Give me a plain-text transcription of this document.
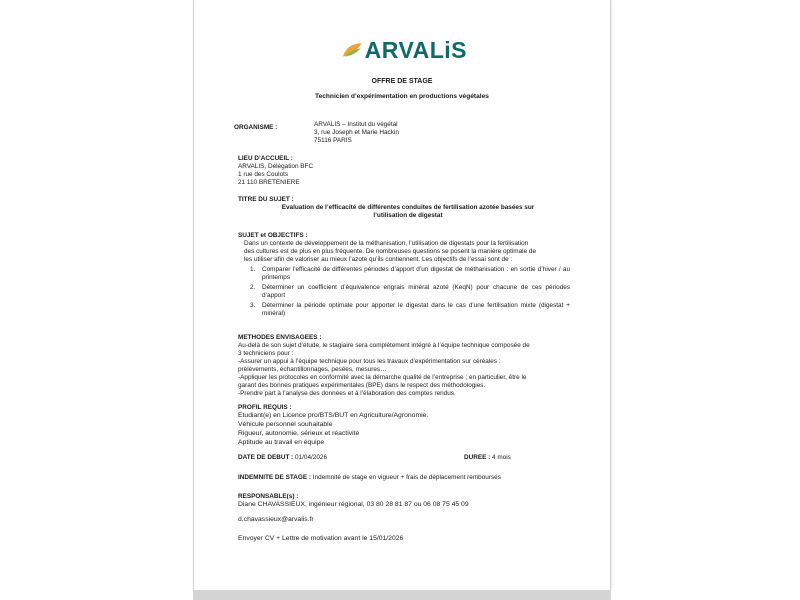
ARVALiS
OFFRE DE STAGE
Technicien d’expérimentation en productions végétales
ORGANISME :	ARVALIS – Institut du végétal
3, rue Joseph et Marie Hackin
75116 PARIS
LIEU D’ACCUEIL :
ARVALIS, Délégation BFC
1 rue des Coulots
21 110 BRETENIERE
TITRE DU SUJET :
Evaluation de l’efficacité de différentes conduites de fertilisation azotée basées sur
l’utilisation de digestat
SUJET et OBJECTIFS :
Dans un contexte de développement de la méthanisation, l’utilisation de digestats pour la fertilisation
des cultures est de plus en plus fréquente. De nombreuses questions se posent la manière optimale de
les utiliser afin de valoriser au mieux l’azote qu’ils contiennent. Les objectifs de l’essai sont de :
1. Comparer l’efficacité de différentes périodes d’apport d’un digestat de méthanisation : en sortie d’hiver / au printemps
2. Déterminer un coefficient d’équivalence engrais minéral azoté (KeqN) pour chacune de ces périodes d’apport
3. Déterminer la période optimale pour apporter le digestat dans le cas d’une fertilisation mixte (digestat + minéral)
METHODES ENVISAGEES :
Au-delà de son sujet d’étude, le stagiaire sera complètement intégré à l’équipe technique composée de
3 techniciens pour :
-Assurer un appui à l’équipe technique pour tous les travaux d’expérimentation sur céréales :
prélèvements, échantillonnages, pesées, mesures…
-Appliquer les protocoles en conformité avec la démarche qualité de l’entreprise ; en particulier, être le
garant des bonnes pratiques expérimentales (BPE) dans le respect des méthodologies.
-Prendre part à l’analyse des données et à l’élaboration des comptes rendus.
PROFIL REQUIS :
Etudiant(e) en Licence pro/BTS/BUT en Agriculture/Agronomie.
Véhicule personnel souhaitable
Rigueur, autonomie, sérieux et réactivité
Aptitude au travail en équipe
DATE DE DEBUT : 01/04/2026	DUREE : 4 mois
INDEMNITE DE STAGE : Indemnité de stage en vigueur + frais de déplacement remboursés
RESPONSABLE(s) :
Diane CHAVASSIEUX, ingénieur régional, 03 80 28 81 87 ou 06 08 75 45 09
d.chavassieux@arvalis.fr
Envoyer CV + Lettre de motivation avant le 15/01/2026
